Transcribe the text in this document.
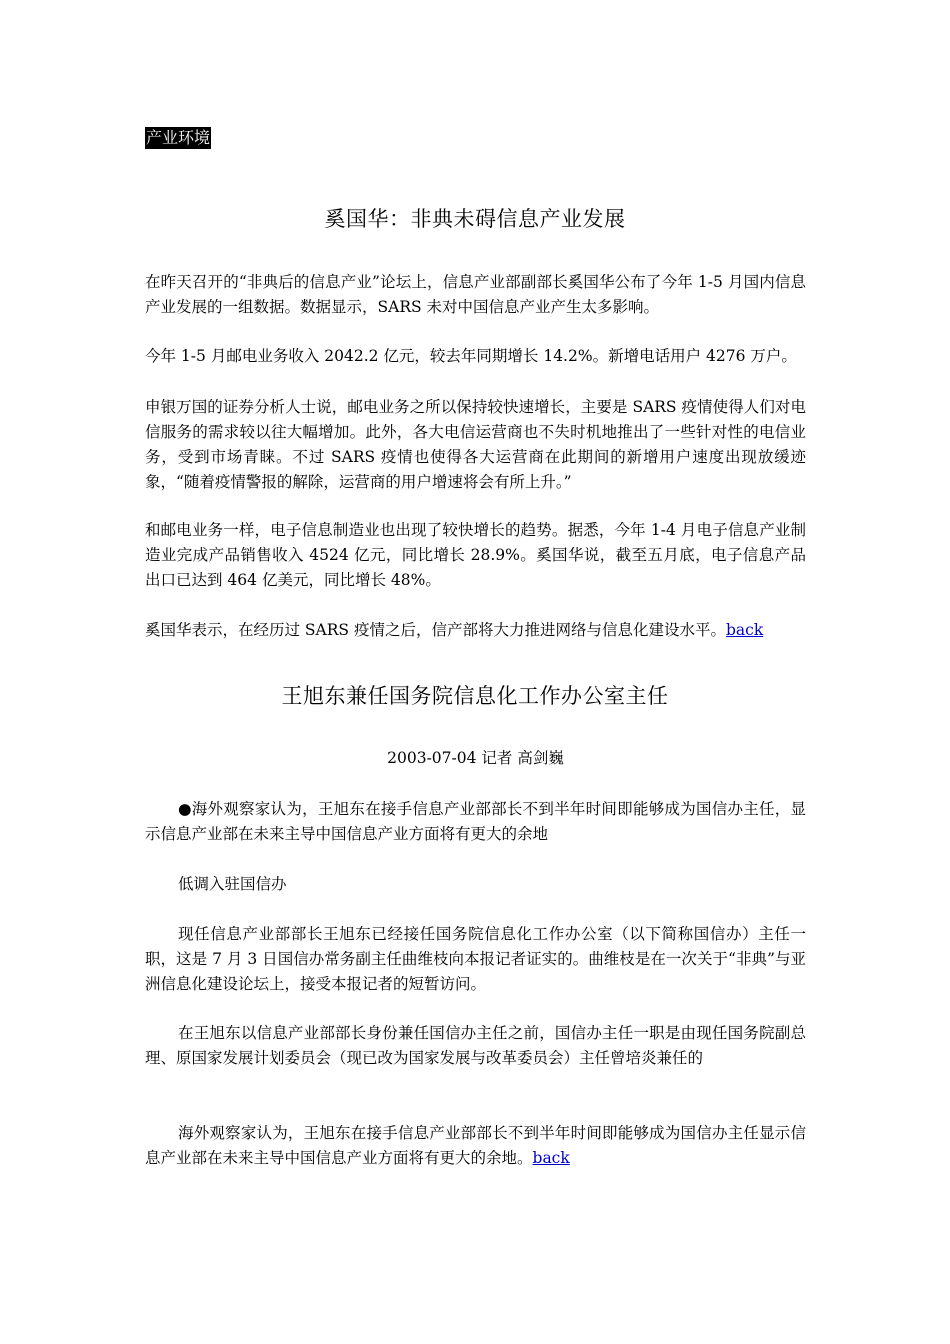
产业环境
奚国华：非典未碍信息产业发展

在昨天召开的“非典后的信息产业”论坛上，信息产业部副部长奚国华公布了今年 1-5 月国内信息产业发展的一组数据。数据显示，SARS 未对中国信息产业产生太多影响。

今年 1-5 月邮电业务收入 2042.2 亿元，较去年同期增长 14.2%。新增电话用户 4276 万户。

申银万国的证券分析人士说，邮电业务之所以保持较快速增长，主要是 SARS 疫情使得人们对电信服务的需求较以往大幅增加。此外，各大电信运营商也不失时机地推出了一些针对性的电信业务，受到市场青睐。不过 SARS 疫情也使得各大运营商在此期间的新增用户速度出现放缓迹象，“随着疫情警报的解除，运营商的用户增速将会有所上升。”

和邮电业务一样，电子信息制造业也出现了较快增长的趋势。据悉，今年 1-4 月电子信息产业制造业完成产品销售收入 4524 亿元，同比增长 28.9%。奚国华说，截至五月底，电子信息产品出口已达到 464 亿美元，同比增长 48%。

奚国华表示，在经历过 SARS 疫情之后，信产部将大力推进网络与信息化建设水平。back

王旭东兼任国务院信息化工作办公室主任

2003-07-04 记者 高剑巍

●海外观察家认为，王旭东在接手信息产业部部长不到半年时间即能够成为国信办主任，显示信息产业部在未来主导中国信息产业方面将有更大的余地

低调入驻国信办

现任信息产业部部长王旭东已经接任国务院信息化工作办公室（以下简称国信办）主任一职，这是 7 月 3 日国信办常务副主任曲维枝向本报记者证实的。曲维枝是在一次关于“非典”与亚洲信息化建设论坛上，接受本报记者的短暂访问。

在王旭东以信息产业部部长身份兼任国信办主任之前，国信办主任一职是由现任国务院副总理、原国家发展计划委员会（现已改为国家发展与改革委员会）主任曾培炎兼任的

海外观察家认为，王旭东在接手信息产业部部长不到半年时间即能够成为国信办主任显示信息产业部在未来主导中国信息产业方面将有更大的余地。back
